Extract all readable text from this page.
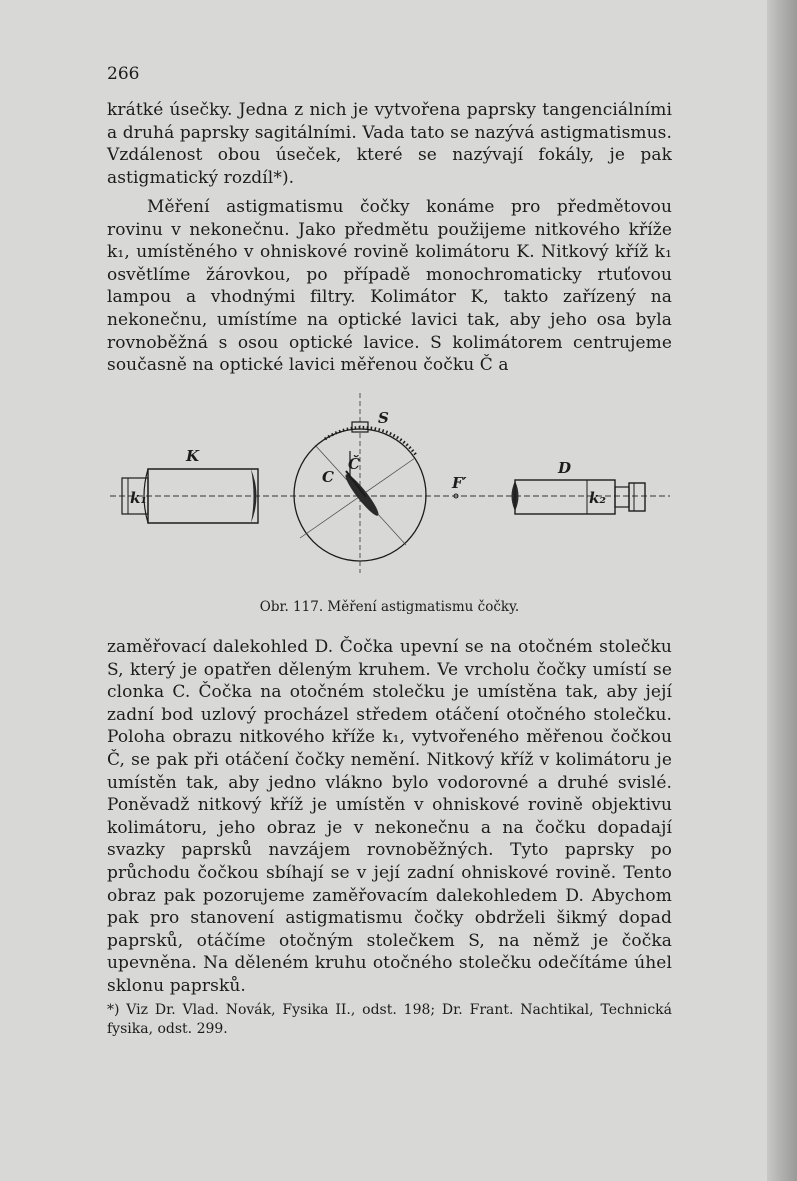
266

krátké úsečky. Jedna z nich je vytvořena paprsky tangenciálními a druhá paprsky sagitálními. Vada tato se nazývá astigmatismus. Vzdálenost obou úseček, které se nazývají fokály, je pak astigmatický rozdíl*).

Měření astigmatismu čočky konáme pro předmětovou rovinu v nekonečnu. Jako předmětu použijeme nitkového kříže k₁, umístěného v ohniskové rovině kolimátoru K. Nitkový kříž k₁ osvětlíme žárovkou, po případě monochromaticky rtuťovou lampou a vhodnými filtry. Kolimátor K, takto zařízený na nekonečnu, umístíme na optické lavici tak, aby jeho osa byla rovnoběžná s osou optické lavice. S kolimátorem centrujeme současně na optické lavici měřenou čočku Č a

K
k₁
S
Č
C	F′
D
k₂
Obr. 117. Měření astigmatismu čočky.

zaměřovací dalekohled D. Čočka upevní se na otočném stolečku S, který je opatřen děleným kruhem. Ve vrcholu čočky umístí se clonka C. Čočka na otočném stolečku je umístěna tak, aby její zadní bod uzlový procházel středem otáčení otočného stolečku. Poloha obrazu nitkového kříže k₁, vytvořeného měřenou čočkou Č, se pak při otáčení čočky nemění. Nitkový kříž v kolimátoru je umístěn tak, aby jedno vlákno bylo vodorovné a druhé svislé. Poněvadž nitkový kříž je umístěn v ohniskové rovině objektivu kolimátoru, jeho obraz je v nekonečnu a na čočku dopadají svazky paprsků navzájem rovnoběžných. Tyto paprsky po průchodu čočkou sbíhají se v její zadní ohniskové rovině. Tento obraz pak pozorujeme zaměřovacím dalekohledem D. Abychom pak pro stanovení astigmatismu čočky obdrželi šikmý dopad paprsků, otáčíme otočným stolečkem S, na němž je čočka upevněna. Na děleném kruhu otočného stolečku odečítáme úhel sklonu paprsků.

*) Viz Dr. Vlad. Novák, Fysika II., odst. 198; Dr. Frant. Nachtikal, Technická fysika, odst. 299.
